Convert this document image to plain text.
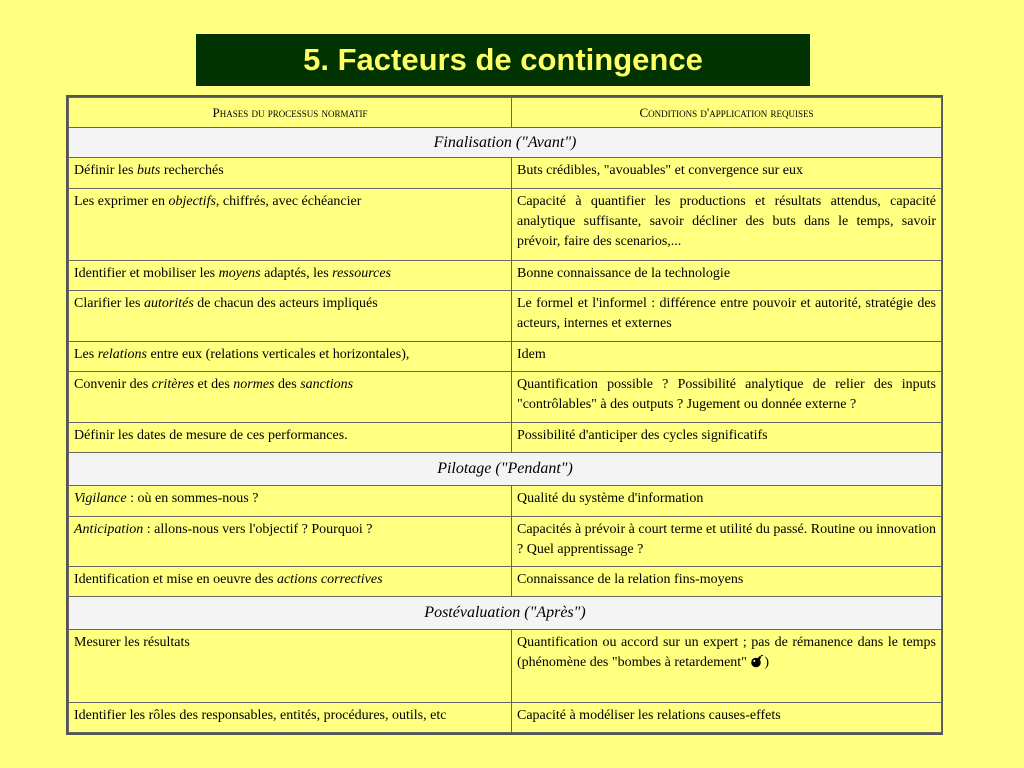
5. Facteurs de contingence
Phases du processus normatif	Conditions d'application requises
Finalisation ("Avant")	
Définir les buts recherchés	Buts crédibles, "avouables" et convergence sur eux
Les exprimer en objectifs, chiffrés, avec échéancier	Capacité à quantifier les productions et résultats attendus, capacité analytique suffisante, savoir décliner des buts dans le temps, savoir prévoir, faire des scenarios,...
Identifier et mobiliser les moyens adaptés, les ressources	Bonne connaissance de la technologie
Clarifier les autorités de chacun des acteurs impliqués	Le formel et l'informel : différence entre pouvoir et autorité, stratégie des acteurs, internes et externes
Les relations entre eux (relations verticales et horizontales),	Idem
Convenir des critères et des normes des sanctions	Quantification possible ? Possibilité analytique de relier des inputs "contrôlables" à des outputs ? Jugement ou donnée externe ?
Définir les dates de mesure de ces performances.	Possibilité d'anticiper des cycles significatifs
Pilotage ("Pendant")	
Vigilance : où en sommes-nous ?	Qualité du système d'information
Anticipation : allons-nous vers l'objectif ? Pourquoi ?	Capacités à prévoir à court terme et utilité du passé. Routine ou innovation ? Quel apprentissage ?
Identification et mise en oeuvre des actions correctives	Connaissance de la relation fins-moyens
Postévaluation ("Après")	
Mesurer les résultats	Quantification ou accord sur un expert ; pas de rémanence dans le temps (phénomène des "bombes à retardement" )
Identifier les rôles des responsables, entités, procédures, outils, etc	Capacité à modéliser les relations causes-effets
